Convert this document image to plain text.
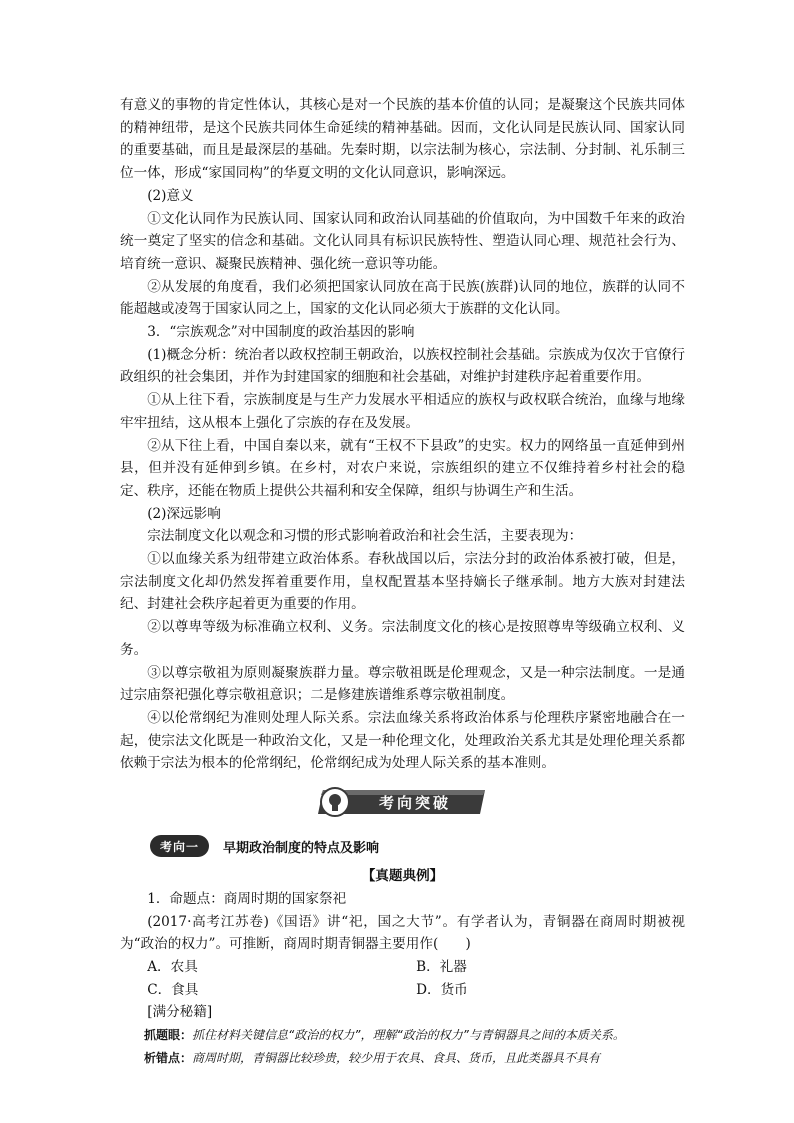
有意义的事物的肯定性体认，其核心是对一个民族的基本价值的认同；是凝聚这个民族共同体的精神纽带，是这个民族共同体生命延续的精神基础。因而，文化认同是民族认同、国家认同的重要基础，而且是最深层的基础。先秦时期，以宗法制为核心，宗法制、分封制、礼乐制三位一体，形成“家国同构”的华夏文明的文化认同意识，影响深远。

(2)意义

①文化认同作为民族认同、国家认同和政治认同基础的价值取向，为中国数千年来的政治统一奠定了坚实的信念和基础。文化认同具有标识民族特性、塑造认同心理、规范社会行为、培育统一意识、凝聚民族精神、强化统一意识等功能。

②从发展的角度看，我们必须把国家认同放在高于民族(族群)认同的地位，族群的认同不能超越或凌驾于国家认同之上，国家的文化认同必须大于族群的文化认同。

3．“宗族观念”对中国制度的政治基因的影响

(1)概念分析：统治者以政权控制王朝政治，以族权控制社会基础。宗族成为仅次于官僚行政组织的社会集团，并作为封建国家的细胞和社会基础，对维护封建秩序起着重要作用。

①从上往下看，宗族制度是与生产力发展水平相适应的族权与政权联合统治，血缘与地缘牢牢扭结，这从根本上强化了宗族的存在及发展。

②从下往上看，中国自秦以来，就有“王权不下县政”的史实。权力的网络虽一直延伸到州县，但并没有延伸到乡镇。在乡村，对农户来说，宗族组织的建立不仅维持着乡村社会的稳定、秩序，还能在物质上提供公共福利和安全保障，组织与协调生产和生活。

(2)深远影响

宗法制度文化以观念和习惯的形式影响着政治和社会生活，主要表现为：

①以血缘关系为纽带建立政治体系。春秋战国以后，宗法分封的政治体系被打破，但是，宗法制度文化却仍然发挥着重要作用，皇权配置基本坚持嫡长子继承制。地方大族对封建法纪、封建社会秩序起着更为重要的作用。

②以尊卑等级为标准确立权利、义务。宗法制度文化的核心是按照尊卑等级确立权利、义务。

③以尊宗敬祖为原则凝聚族群力量。尊宗敬祖既是伦理观念，又是一种宗法制度。一是通过宗庙祭祀强化尊宗敬祖意识；二是修建族谱维系尊宗敬祖制度。

④以伦常纲纪为准则处理人际关系。宗法血缘关系将政治体系与伦理秩序紧密地融合在一起，使宗法文化既是一种政治文化，又是一种伦理文化，处理政治关系尤其是处理伦理关系都依赖于宗法为根本的伦常纲纪，伦常纲纪成为处理人际关系的基本准则。

考向突破
考向一	早期政治制度的特点及影响

【真题典例】

1．命题点：商周时期的国家祭祀

(2017·高考江苏卷)《国语》讲“祀，国之大节”。有学者认为，青铜器在商周时期被视为“政治的权力”。可推断，商周时期青铜器主要用作(　　)

A．农具	B．礼器
C．食具	D．货币

[满分秘籍]

抓题眼：抓住材料关键信息“政治的权力”，理解“政治的权力”与青铜器具之间的本质关系。

析错点：商周时期，青铜器比较珍贵，较少用于农具、食具、货币，且此类器具不具有
